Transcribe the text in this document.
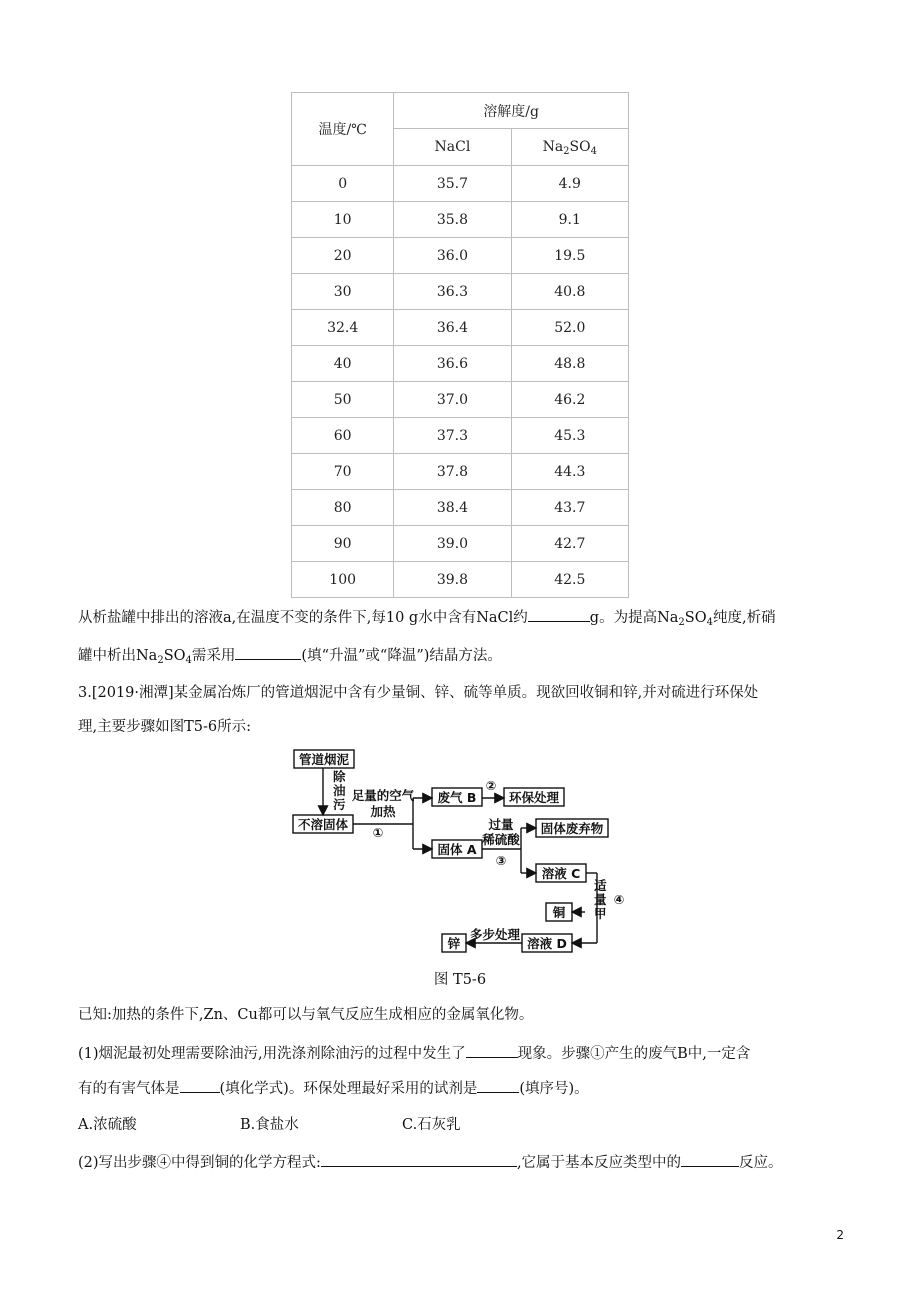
温度/℃	溶解度/g	
	NaCl	$Na_2SO_4$
0	35.7	4.9
10	35.8	9.1
20	36.0	19.5
30	36.3	40.8
32.4	36.4	52.0
40	36.6	48.8
50	37.0	46.2
60	37.3	45.3
70	37.8	44.3
80	38.4	43.7
90	39.0	42.7
100	39.8	42.5
从析盐罐中排出的溶液a,在温度不变的条件下,每10 g水中含有NaCl约	g。为提高$Na_2SO_4$纯度,析硝
罐中析出$Na_2SO_4$需采用	(填“升温”或“降温”)结晶方法。
3.[2019·湘潭]某金属冶炼厂的管道烟泥中含有少量铜、锌、硫等单质。现欲回收铜和锌,并对硫进行环保处
理,主要步骤如图T5-6所示:
管道烟泥
除
油
污
不溶固体
足量的空气
加热
①
废气 B
②
环保处理
固体 A
过量
稀硫酸
③
固体废弃物
溶液 C
适
量
甲
④
铜
溶液 D
多步处理
锌
图 T5-6
已知:加热的条件下,Zn、Cu都可以与氧气反应生成相应的金属氧化物。
(1)烟泥最初处理需要除油污,用洗涤剂除油污的过程中发生了	现象。步骤①产生的废气B中,一定含
有的有害气体是	(填化学式)。环保处理最好采用的试剂是	(填序号)。
A.浓硫酸	B.食盐水	C.石灰乳
(2)写出步骤④中得到铜的化学方程式:	,它属于基本反应类型中的	反应。
2
